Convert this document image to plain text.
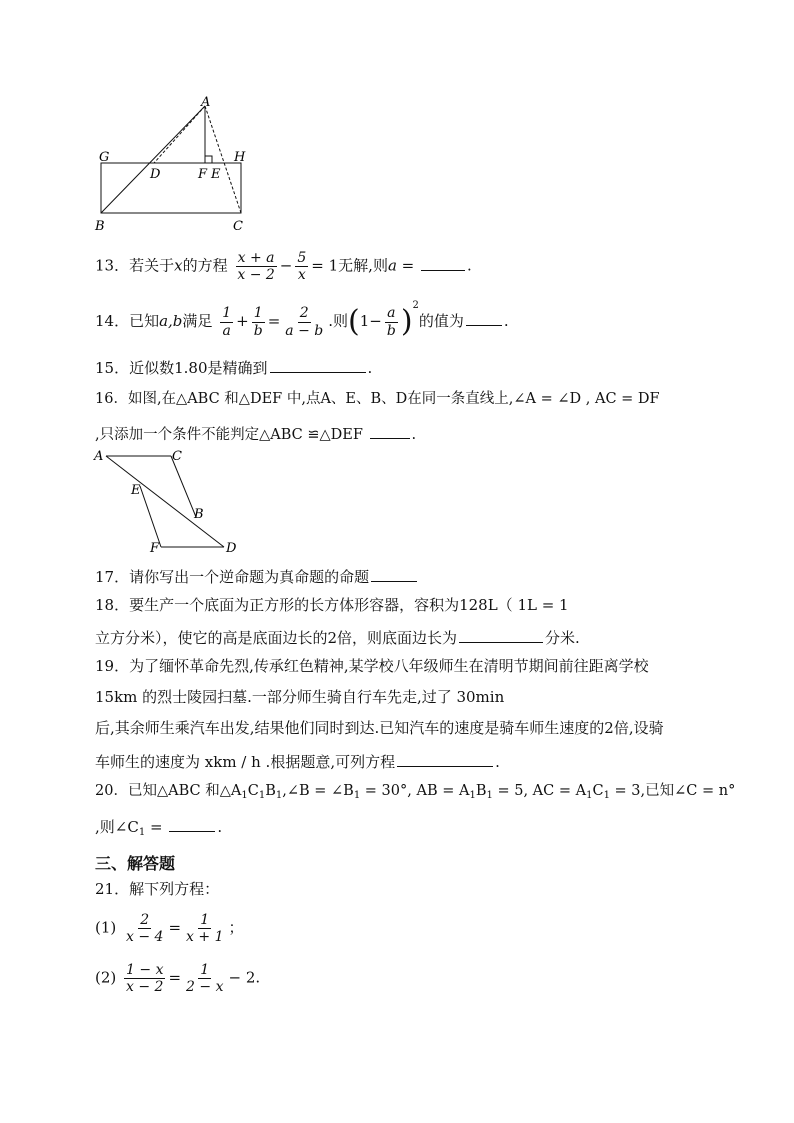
A
G	H
D	F E
B	C
13．若关于x的方程 $\frac{x + a}{x - 2} - \frac{5}{x} = 1$无解,则a =	.
14．已知a,b满足 $\frac{1}{a} + \frac{1}{b} = \frac{2}{a - b}$ .则$(1- \frac{a}{b} )^2$的值为	.
15．近似数1.80是精确到	.
16．如图,在△ABC 和△DEF 中,点A、E、B、D在同一条直线上,∠A = ∠D , AC = DF
,只添加一个条件不能判定△ABC ≌△DEF	.
A	C
E
B
F	D
17．请你写出一个逆命题为真命题的命题
18．要生产一个底面为正方形的长方体形容器，容积为128L（ 1L = 1
立方分米），使它的高是底面边长的2倍，则底面边长为	分米.
19．为了缅怀革命先烈,传承红色精神,某学校八年级师生在清明节期间前往距离学校
15km 的烈士陵园扫墓.一部分师生骑自行车先走,过了 30min
后,其余师生乘汽车出发,结果他们同时到达.已知汽车的速度是骑车师生速度的2倍,设骑
车师生的速度为 xkm / h .根据题意,可列方程	.
20．已知△ABC 和$\triangle A_1C_1B_1,\angle B$ = $\angle B_1 = 30^\circ$, AB = $A_1B_1 = 5$, AC = $A_1C_1 = 3$,已知∠C = n°
,则$\angle C_1$ =	.
三、解答题
21．解下列方程：
$(1) \frac{2}{x - 4} = \frac{1}{x + 1}$ ；
$(2) \frac{1 - x}{x - 2} = \frac{1}{2 - x} - 2$.
